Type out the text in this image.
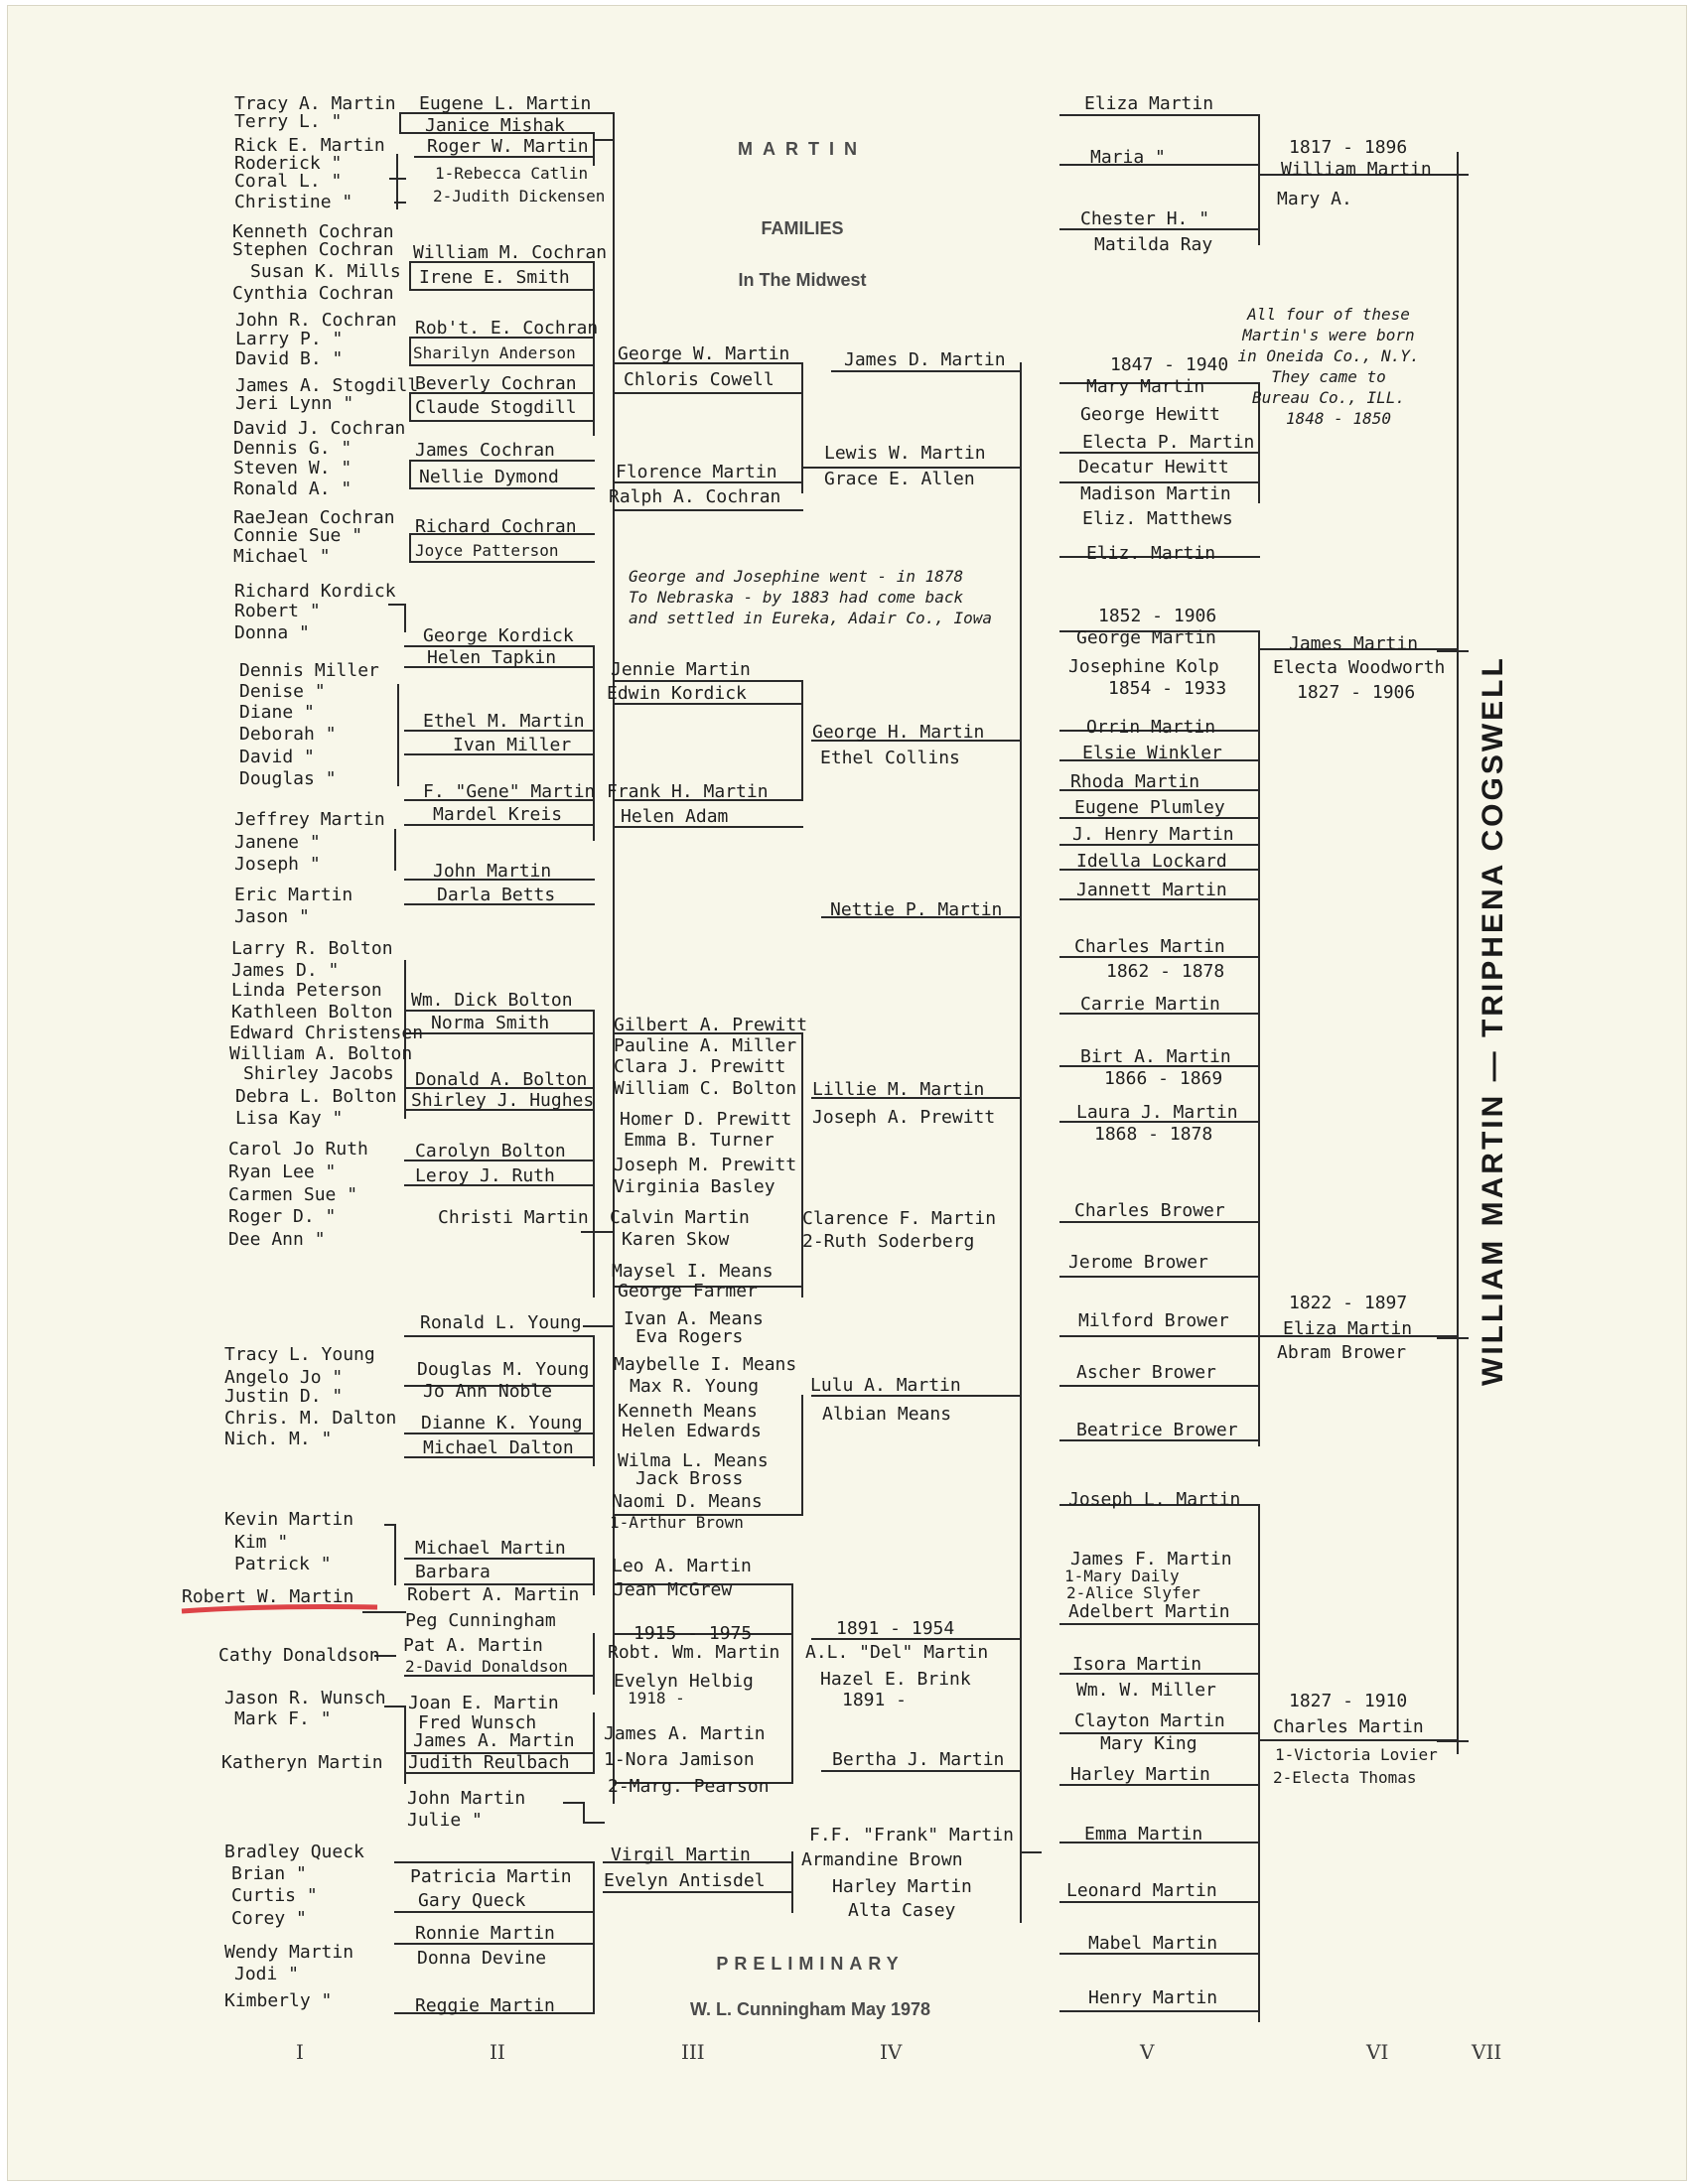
Tracy A. Martin
Terry L. "
Rick E. Martin
Roderick "
Coral L. "
Christine "
Kenneth Cochran
Stephen Cochran
Susan K. Mills
Cynthia Cochran
John R. Cochran
Larry P. "
David B. "
James A. Stogdill
Jeri Lynn "
David J. Cochran
Dennis G. "
Steven W. "
Ronald A. "
RaeJean Cochran
Connie Sue "
Michael "
Richard Kordick
Robert "
Donna "
Dennis Miller
Denise "
Diane "
Deborah "
David "
Douglas "
Jeffrey Martin
Janene "
Joseph "
Eric Martin
Jason "
Larry R. Bolton
James D. "
Linda Peterson
Kathleen Bolton
Edward Christensen
William A. Bolton
Shirley Jacobs
Debra L. Bolton
Lisa Kay "
Carol Jo Ruth
Ryan Lee "
Carmen Sue "
Roger D. "
Dee Ann "
Tracy L. Young
Angelo Jo "
Justin D. "
Chris. M. Dalton
Nich. M. "
Kevin Martin
Kim "
Patrick "
Robert W. Martin
Cathy Donaldson
Jason R. Wunsch
Mark F. "
Katheryn Martin
Bradley Queck
Brian "
Curtis "
Corey "
Wendy Martin
Jodi "
Kimberly "
Eugene L. Martin
Janice Mishak
Roger W. Martin
1-Rebecca Catlin
2-Judith Dickensen
William M. Cochran
Irene E. Smith
Rob't. E. Cochran
Sharilyn Anderson
Beverly Cochran
Claude Stogdill
James Cochran
Nellie Dymond
Richard Cochran
Joyce Patterson
George Kordick
Helen Tapkin
Ethel M. Martin
Ivan Miller
F. "Gene" Martin
Mardel Kreis
John Martin
Darla Betts
Wm. Dick Bolton
Norma Smith
Donald A. Bolton
Shirley J. Hughes
Carolyn Bolton
Leroy J. Ruth
Christi Martin
Ronald L. Young
Douglas M. Young
Jo Ann Noble
Dianne K. Young
Michael Dalton
Michael Martin
Barbara
Robert A. Martin
Peg Cunningham
Pat A. Martin
2-David Donaldson
Joan E. Martin
Fred Wunsch
James A. Martin
Judith Reulbach
John Martin
Julie "
Patricia Martin
Gary Queck
Ronnie Martin
Donna Devine
Reggie Martin
George W. Martin
Chloris Cowell
Florence Martin
Ralph A. Cochran
Jennie Martin
Edwin Kordick
Frank H. Martin
Helen Adam
Gilbert A. Prewitt
Pauline A. Miller
Clara J. Prewitt
William C. Bolton
Homer D. Prewitt
Emma B. Turner
Joseph M. Prewitt
Virginia Basley
Calvin Martin
Karen Skow
Maysel I. Means
George Farmer
Ivan A. Means
Eva Rogers
Maybelle I. Means
Max R. Young
Kenneth Means
Helen Edwards
Wilma L. Means
Jack Bross
Naomi D. Means
1-Arthur Brown
Leo A. Martin
Jean McGrew
1915 - 1975
Robt. Wm. Martin
Evelyn Helbig
1918 -
James A. Martin
1-Nora Jamison
2-Marg. Pearson
Virgil Martin
Evelyn Antisdel
James D. Martin
Lewis W. Martin
Grace E. Allen
George H. Martin
Ethel Collins
Nettie P. Martin
Lillie M. Martin
Joseph A. Prewitt
Clarence F. Martin
2-Ruth Soderberg
Lulu A. Martin
Albian Means
1891 - 1954
A.L. "Del" Martin
Hazel E. Brink
1891 -
Bertha J. Martin
F.F. "Frank" Martin
Armandine Brown
Harley Martin
Alta Casey
Eliza Martin
Maria "
Chester H. "
Matilda Ray
1847 - 1940
Mary Martin
George Hewitt
Electa P. Martin
Decatur Hewitt
Madison Martin
Eliz. Matthews
Eliz. Martin
1852 - 1906
George Martin
Josephine Kolp
1854 - 1933
Orrin Martin
Elsie Winkler
Rhoda Martin
Eugene Plumley
J. Henry Martin
Idella Lockard
Jannett Martin
Charles Martin
1862 - 1878
Carrie Martin
Birt A. Martin
1866 - 1869
Laura J. Martin
1868 - 1878
Charles Brower
Jerome Brower
Milford Brower
Ascher Brower
Beatrice Brower
Joseph L. Martin
James F. Martin
1-Mary Daily
2-Alice Slyfer
Adelbert Martin
Isora Martin
Wm. W. Miller
Clayton Martin
Mary King
Harley Martin
Emma Martin
Leonard Martin
Mabel Martin
Henry Martin
1817 - 1896
William Martin
Mary A.
James Martin
Electa Woodworth
1827 - 1906
1822 - 1897
Eliza Martin
Abram Brower
1827 - 1910
Charles Martin
1-Victoria Lovier
2-Electa Thomas
MARTIN
FAMILIES
In The Midwest
PRELIMINARY
W. L. Cunningham May 1978
WILLIAM MARTIN — TRIPHENA COGSWELL
All four of these
Martin's were born
in Oneida Co., N.Y.
They came to
Bureau Co., ILL.
1848 - 1850
George and Josephine went - in 1878
To Nebraska - by 1883 had come back
and settled in Eureka, Adair Co., Iowa
I	II	III	IV	V	VI	VII
